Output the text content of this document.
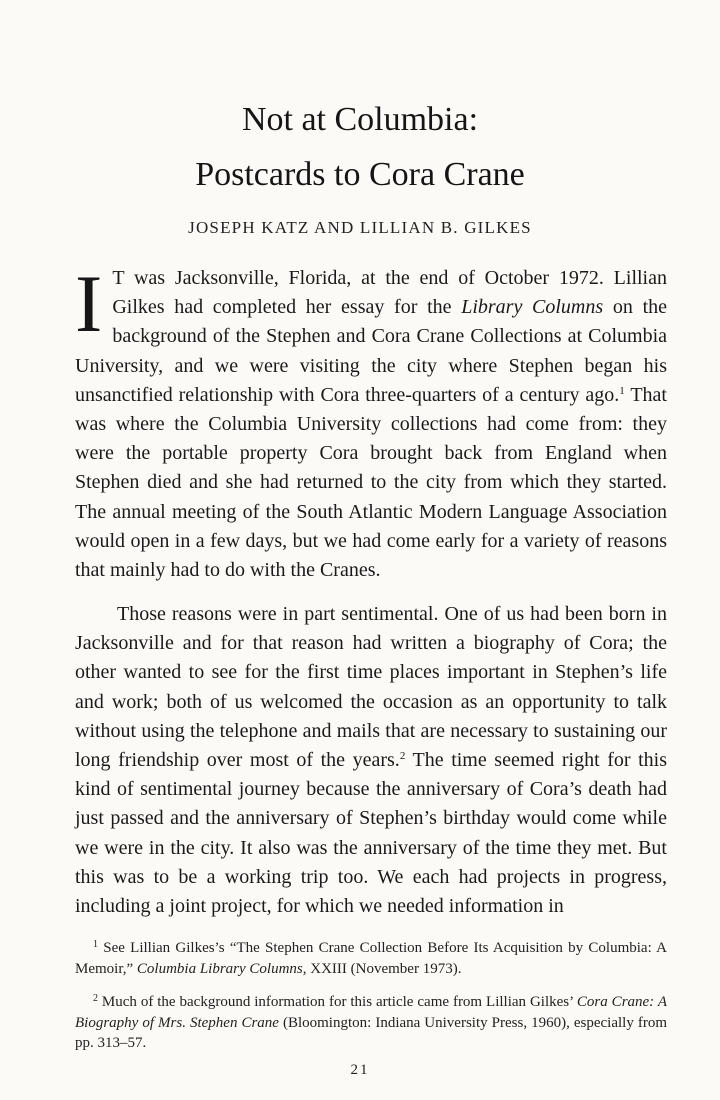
Not at Columbia:
Postcards to Cora Crane
JOSEPH KATZ AND LILLIAN B. GILKES
I T was Jacksonville, Florida, at the end of October 1972. Lillian Gilkes had completed her essay for the Library Columns on the background of the Stephen and Cora Crane Collections at Columbia University, and we were visiting the city where Stephen began his unsanctified relationship with Cora three-quarters of a century ago.$^1$ That was where the Columbia University collections had come from: they were the portable property Cora brought back from England when Stephen died and she had returned to the city from which they started. The annual meeting of the South Atlantic Modern Language Association would open in a few days, but we had come early for a variety of reasons that mainly had to do with the Cranes.
Those reasons were in part sentimental. One of us had been born in Jacksonville and for that reason had written a biography of Cora; the other wanted to see for the first time places important in Stephen’s life and work; both of us welcomed the occasion as an opportunity to talk without using the telephone and mails that are necessary to sustaining our long friendship over most of the years.$^2$ The time seemed right for this kind of sentimental journey because the anniversary of Cora’s death had just passed and the anniversary of Stephen’s birthday would come while we were in the city. It also was the anniversary of the time they met. But this was to be a working trip too. We each had projects in progress, including a joint project, for which we needed information in
$^1$ See Lillian Gilkes’s “The Stephen Crane Collection Before Its Acquisition by Columbia: A Memoir,” Columbia Library Columns, XXIII (November 1973).
$^2$ Much of the background information for this article came from Lillian Gilkes’ Cora Crane: A Biography of Mrs. Stephen Crane (Bloomington: Indiana University Press, 1960), especially from pp. 313–57.
21
